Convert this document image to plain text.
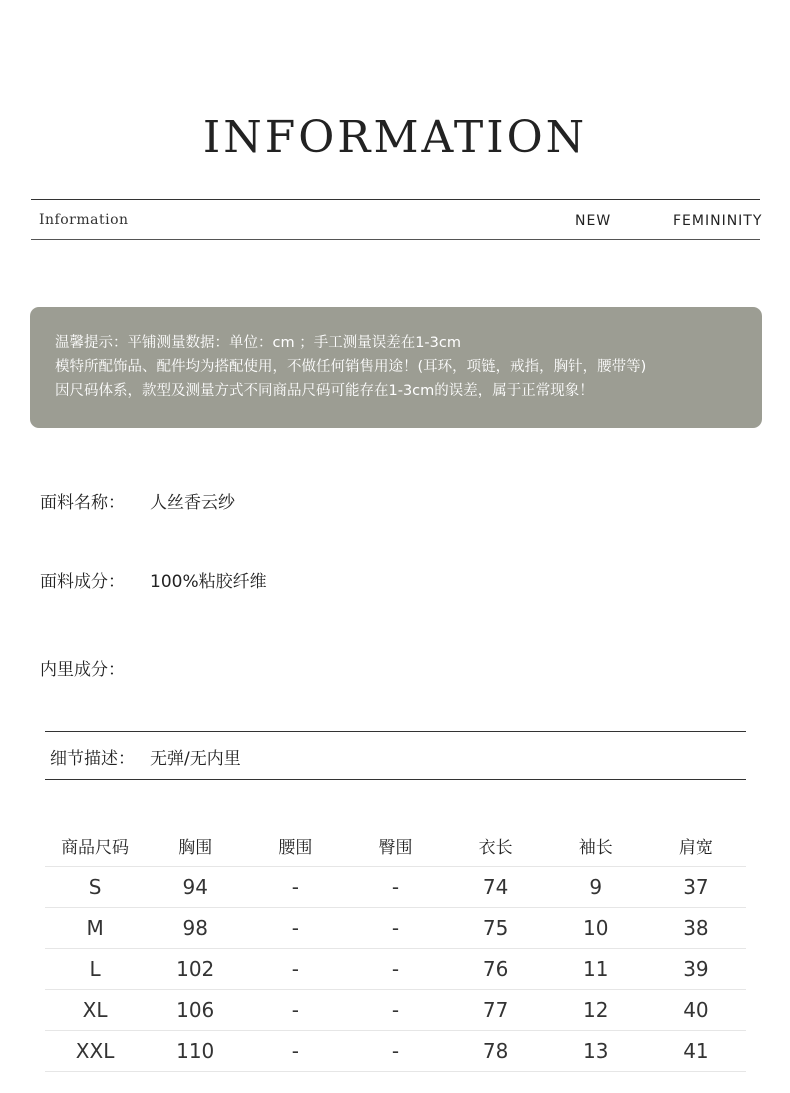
INFORMATION
Information	NEW	FEMININITY
温馨提示：平铺测量数据：单位：cm ；手工测量误差在1-3cm
模特所配饰品、配件均为搭配使用，不做任何销售用途！(耳环，项链，戒指，胸针，腰带等)
因尺码体系，款型及测量方式不同商品尺码可能存在1-3cm的误差，属于正常现象！
面料名称： 人丝香云纱
面料成分： 100%粘胶纤维
内里成分：
细节描述： 无弹/无内里
商品尺码	胸围	腰围	臀围	衣长	袖长	肩宽
S	94	-	-	74	9	37
M	98	-	-	75	10	38
L	102	-	-	76	11	39
XL	106	-	-	77	12	40
XXL	110	-	-	78	13	41
